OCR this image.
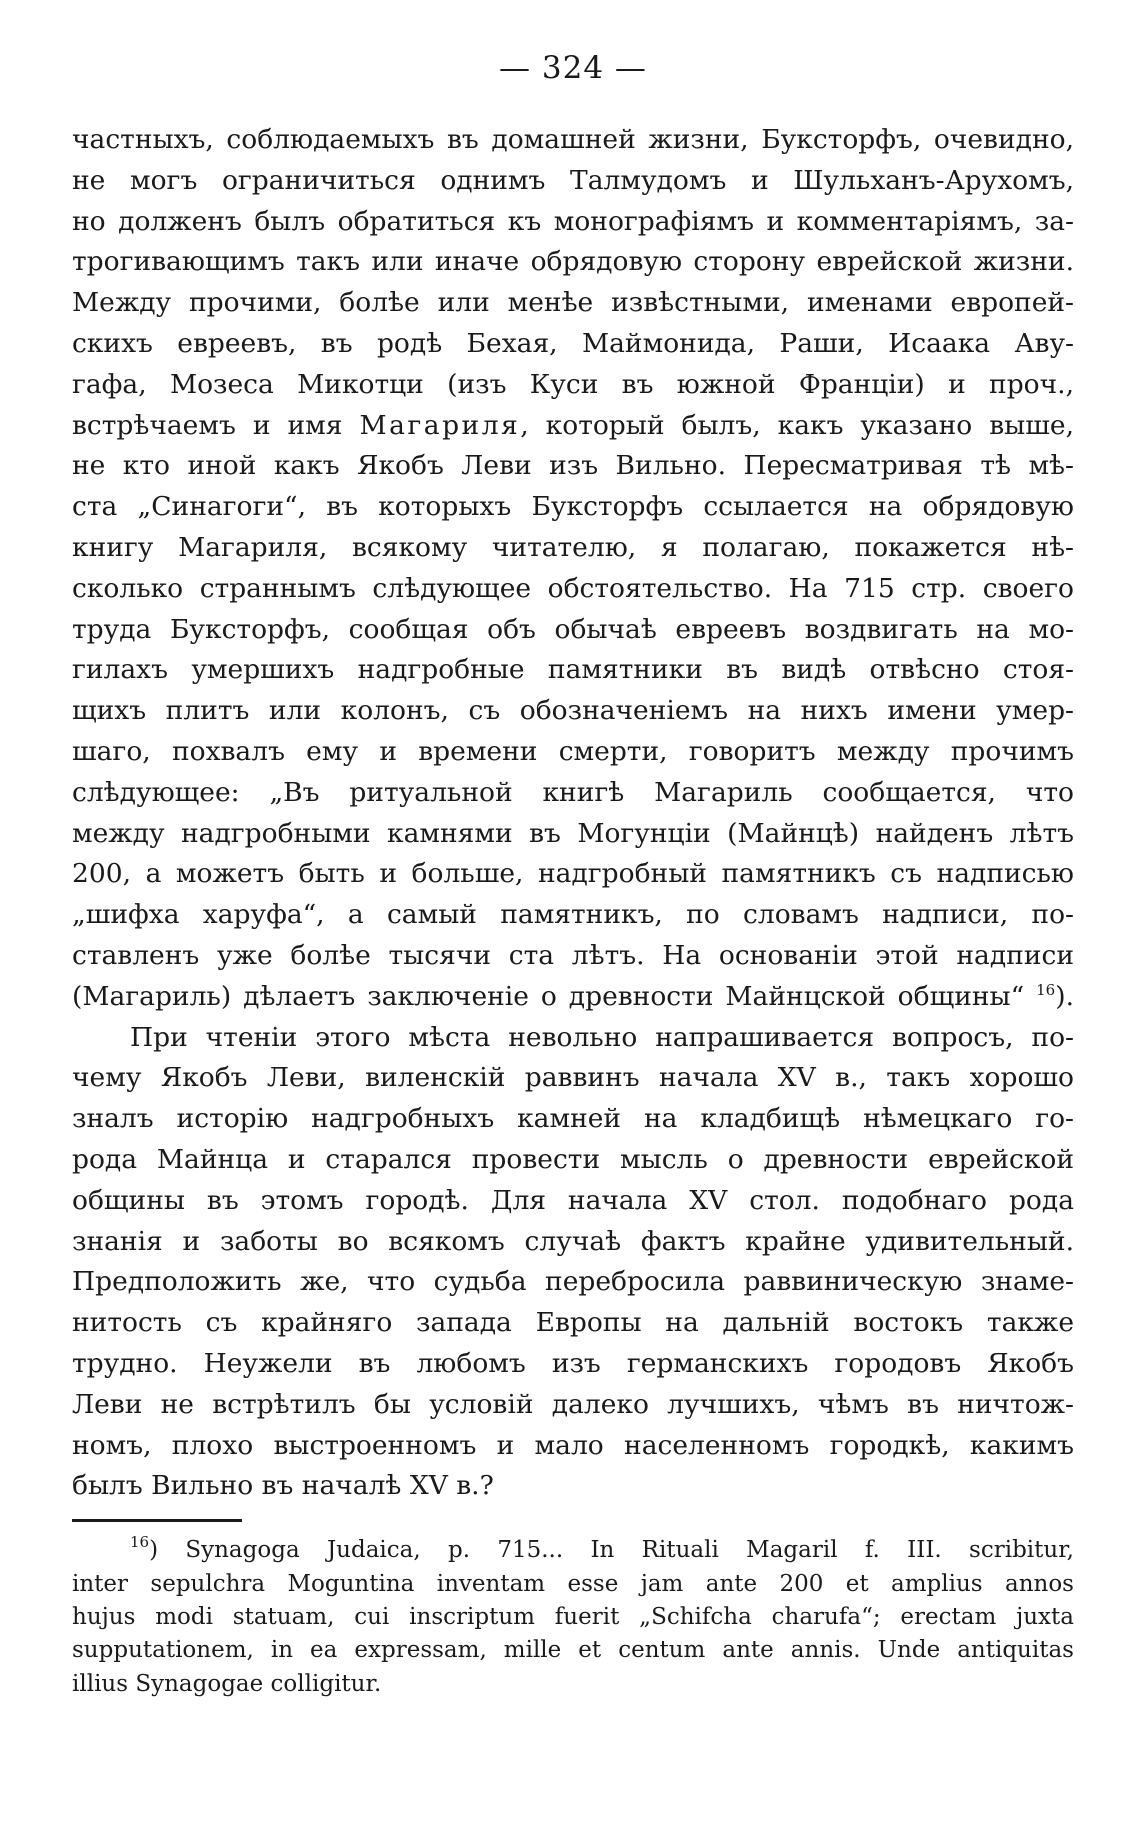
— 324 —

частныхъ, соблюдаемыхъ въ домашней жизни, Буксторфъ, очевидно,
не могъ ограничиться однимъ Талмудомъ и Шульханъ-Арухомъ,
но долженъ былъ обратиться къ монографіямъ и комментаріямъ, за-
трогивающимъ такъ или иначе обрядовую сторону еврейской жизни.
Между прочими, болѣе или менѣе извѣстными, именами европей-
скихъ евреевъ, въ родѣ Бехая, Маймонида, Раши, Исаака Аву-
гафа, Мозеса Микотци (изъ Куси въ южной Франціи) и проч.,
встрѣчаемъ и имя Магариля, который былъ, какъ указано выше,
не кто иной какъ Якобъ Леви изъ Вильно. Пересматривая тѣ мѣ-
ста „Синагоги“, въ которыхъ Буксторфъ ссылается на обрядовую
книгу Магариля, всякому читателю, я полагаю, покажется нѣ-
сколько страннымъ слѣдующее обстоятельство. На 715 стр. своего
труда Буксторфъ, сообщая объ обычаѣ евреевъ воздвигать на мо-
гилахъ умершихъ надгробные памятники въ видѣ отвѣсно стоя-
щихъ плитъ или колонъ, съ обозначеніемъ на нихъ имени умер-
шаго, похвалъ ему и времени смерти, говоритъ между прочимъ
слѣдующее: „Въ ритуальной книгѣ Магариль сообщается, что
между надгробными камнями въ Могунціи (Майнцѣ) найденъ лѣтъ
200, а можетъ быть и больше, надгробный памятникъ съ надписью
„шифха харуфа“, а самый памятникъ, по словамъ надписи, по-
ставленъ уже болѣе тысячи ста лѣтъ. На основаніи этой надписи
(Магариль) дѣлаетъ заключеніе о древности Майнцской общины“ $^{16}$).

При чтеніи этого мѣста невольно напрашивается вопросъ, по-
чему Якобъ Леви, виленскій раввинъ начала XV в., такъ хорошо
зналъ исторію надгробныхъ камней на кладбищѣ нѣмецкаго го-
рода Майнца и старался провести мысль о древности еврейской
общины въ этомъ городѣ. Для начала XV стол. подобнаго рода
знанія и заботы во всякомъ случаѣ фактъ крайне удивительный.
Предположить же, что судьба перебросила раввиническую знаме-
нитость съ крайняго запада Европы на дальній востокъ также
трудно. Неужели въ любомъ изъ германскихъ городовъ Якобъ
Леви не встрѣтилъ бы условій далеко лучшихъ, чѣмъ въ ничтож-
номъ, плохо выстроенномъ и мало населенномъ городкѣ, какимъ
былъ Вильно въ началѣ XV в.?

$^{16}$) Synagoga Judaica, p. 715... In Rituali Magaril f. III. scribitur,
inter sepulchra Moguntina inventam esse jam ante 200 et amplius annos
hujus modi statuam, cui inscriptum fuerit „Schifcha charufa“; erectam juxta
supputationem, in ea expressam, mille et centum ante annis. Unde antiquitas
illius Synagogae colligitur.
